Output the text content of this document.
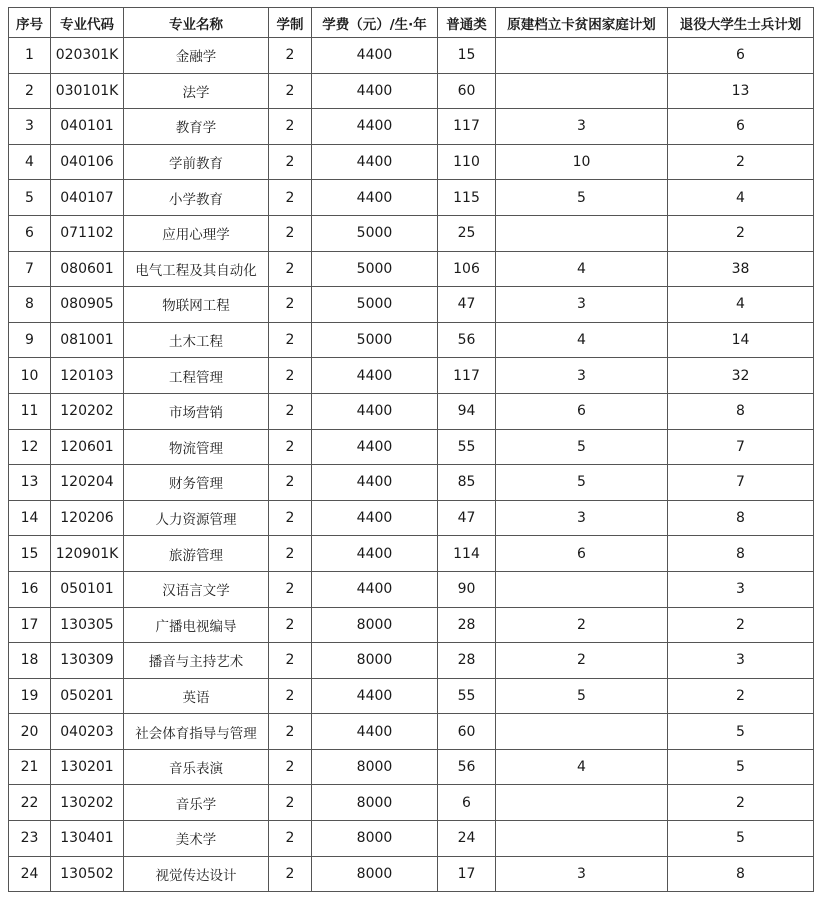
序号	专业代码	专业名称	学制	学费（元）/生·年	普通类	原建档立卡贫困家庭计划	退役大学生士兵计划
1	020301K	金融学	2	4400	15		6
2	030101K	法学	2	4400	60		13
3	040101	教育学	2	4400	117	3	6
4	040106	学前教育	2	4400	110	10	2
5	040107	小学教育	2	4400	115	5	4
6	071102	应用心理学	2	5000	25		2
7	080601	电气工程及其自动化	2	5000	106	4	38
8	080905	物联网工程	2	5000	47	3	4
9	081001	土木工程	2	5000	56	4	14
10	120103	工程管理	2	4400	117	3	32
11	120202	市场营销	2	4400	94	6	8
12	120601	物流管理	2	4400	55	5	7
13	120204	财务管理	2	4400	85	5	7
14	120206	人力资源管理	2	4400	47	3	8
15	120901K	旅游管理	2	4400	114	6	8
16	050101	汉语言文学	2	4400	90		3
17	130305	广播电视编导	2	8000	28	2	2
18	130309	播音与主持艺术	2	8000	28	2	3
19	050201	英语	2	4400	55	5	2
20	040203	社会体育指导与管理	2	4400	60		5
21	130201	音乐表演	2	8000	56	4	5
22	130202	音乐学	2	8000	6		2
23	130401	美术学	2	8000	24		5
24	130502	视觉传达设计	2	8000	17	3	8
